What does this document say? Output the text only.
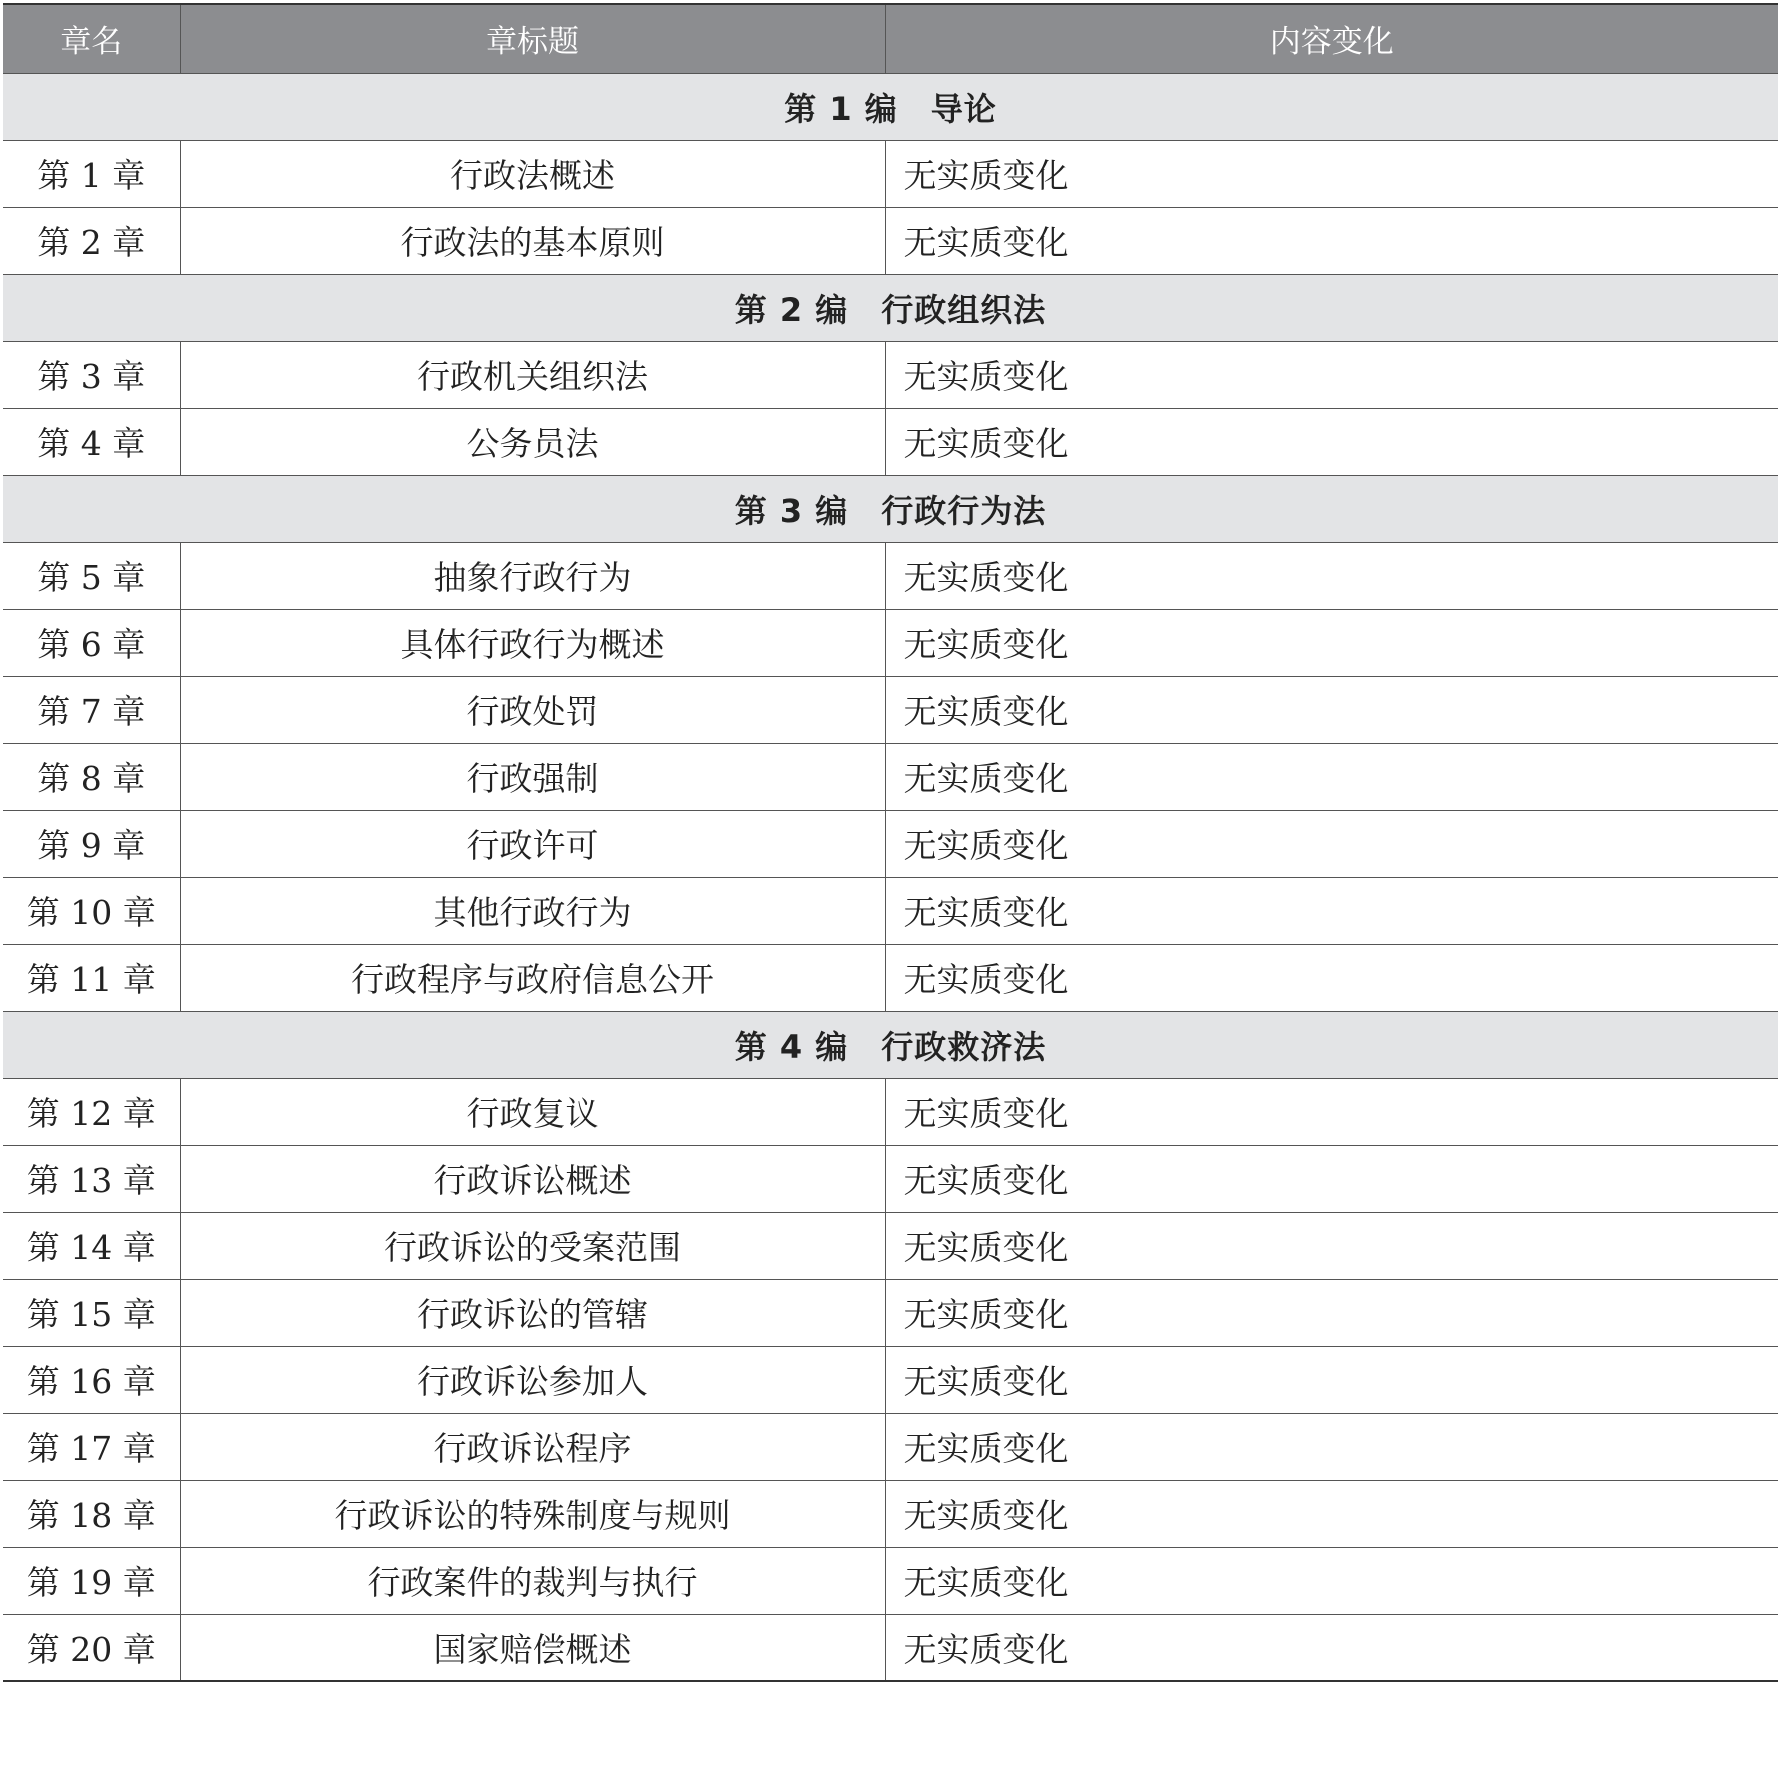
章名	章标题	内容变化
第 1 编　导论		
第 1 章	行政法概述	无实质变化
第 2 章	行政法的基本原则	无实质变化
第 2 编　行政组织法		
第 3 章	行政机关组织法	无实质变化
第 4 章	公务员法	无实质变化
第 3 编　行政行为法		
第 5 章	抽象行政行为	无实质变化
第 6 章	具体行政行为概述	无实质变化
第 7 章	行政处罚	无实质变化
第 8 章	行政强制	无实质变化
第 9 章	行政许可	无实质变化
第 10 章	其他行政行为	无实质变化
第 11 章	行政程序与政府信息公开	无实质变化
第 4 编　行政救济法		
第 12 章	行政复议	无实质变化
第 13 章	行政诉讼概述	无实质变化
第 14 章	行政诉讼的受案范围	无实质变化
第 15 章	行政诉讼的管辖	无实质变化
第 16 章	行政诉讼参加人	无实质变化
第 17 章	行政诉讼程序	无实质变化
第 18 章	行政诉讼的特殊制度与规则	无实质变化
第 19 章	行政案件的裁判与执行	无实质变化
第 20 章	国家赔偿概述	无实质变化
